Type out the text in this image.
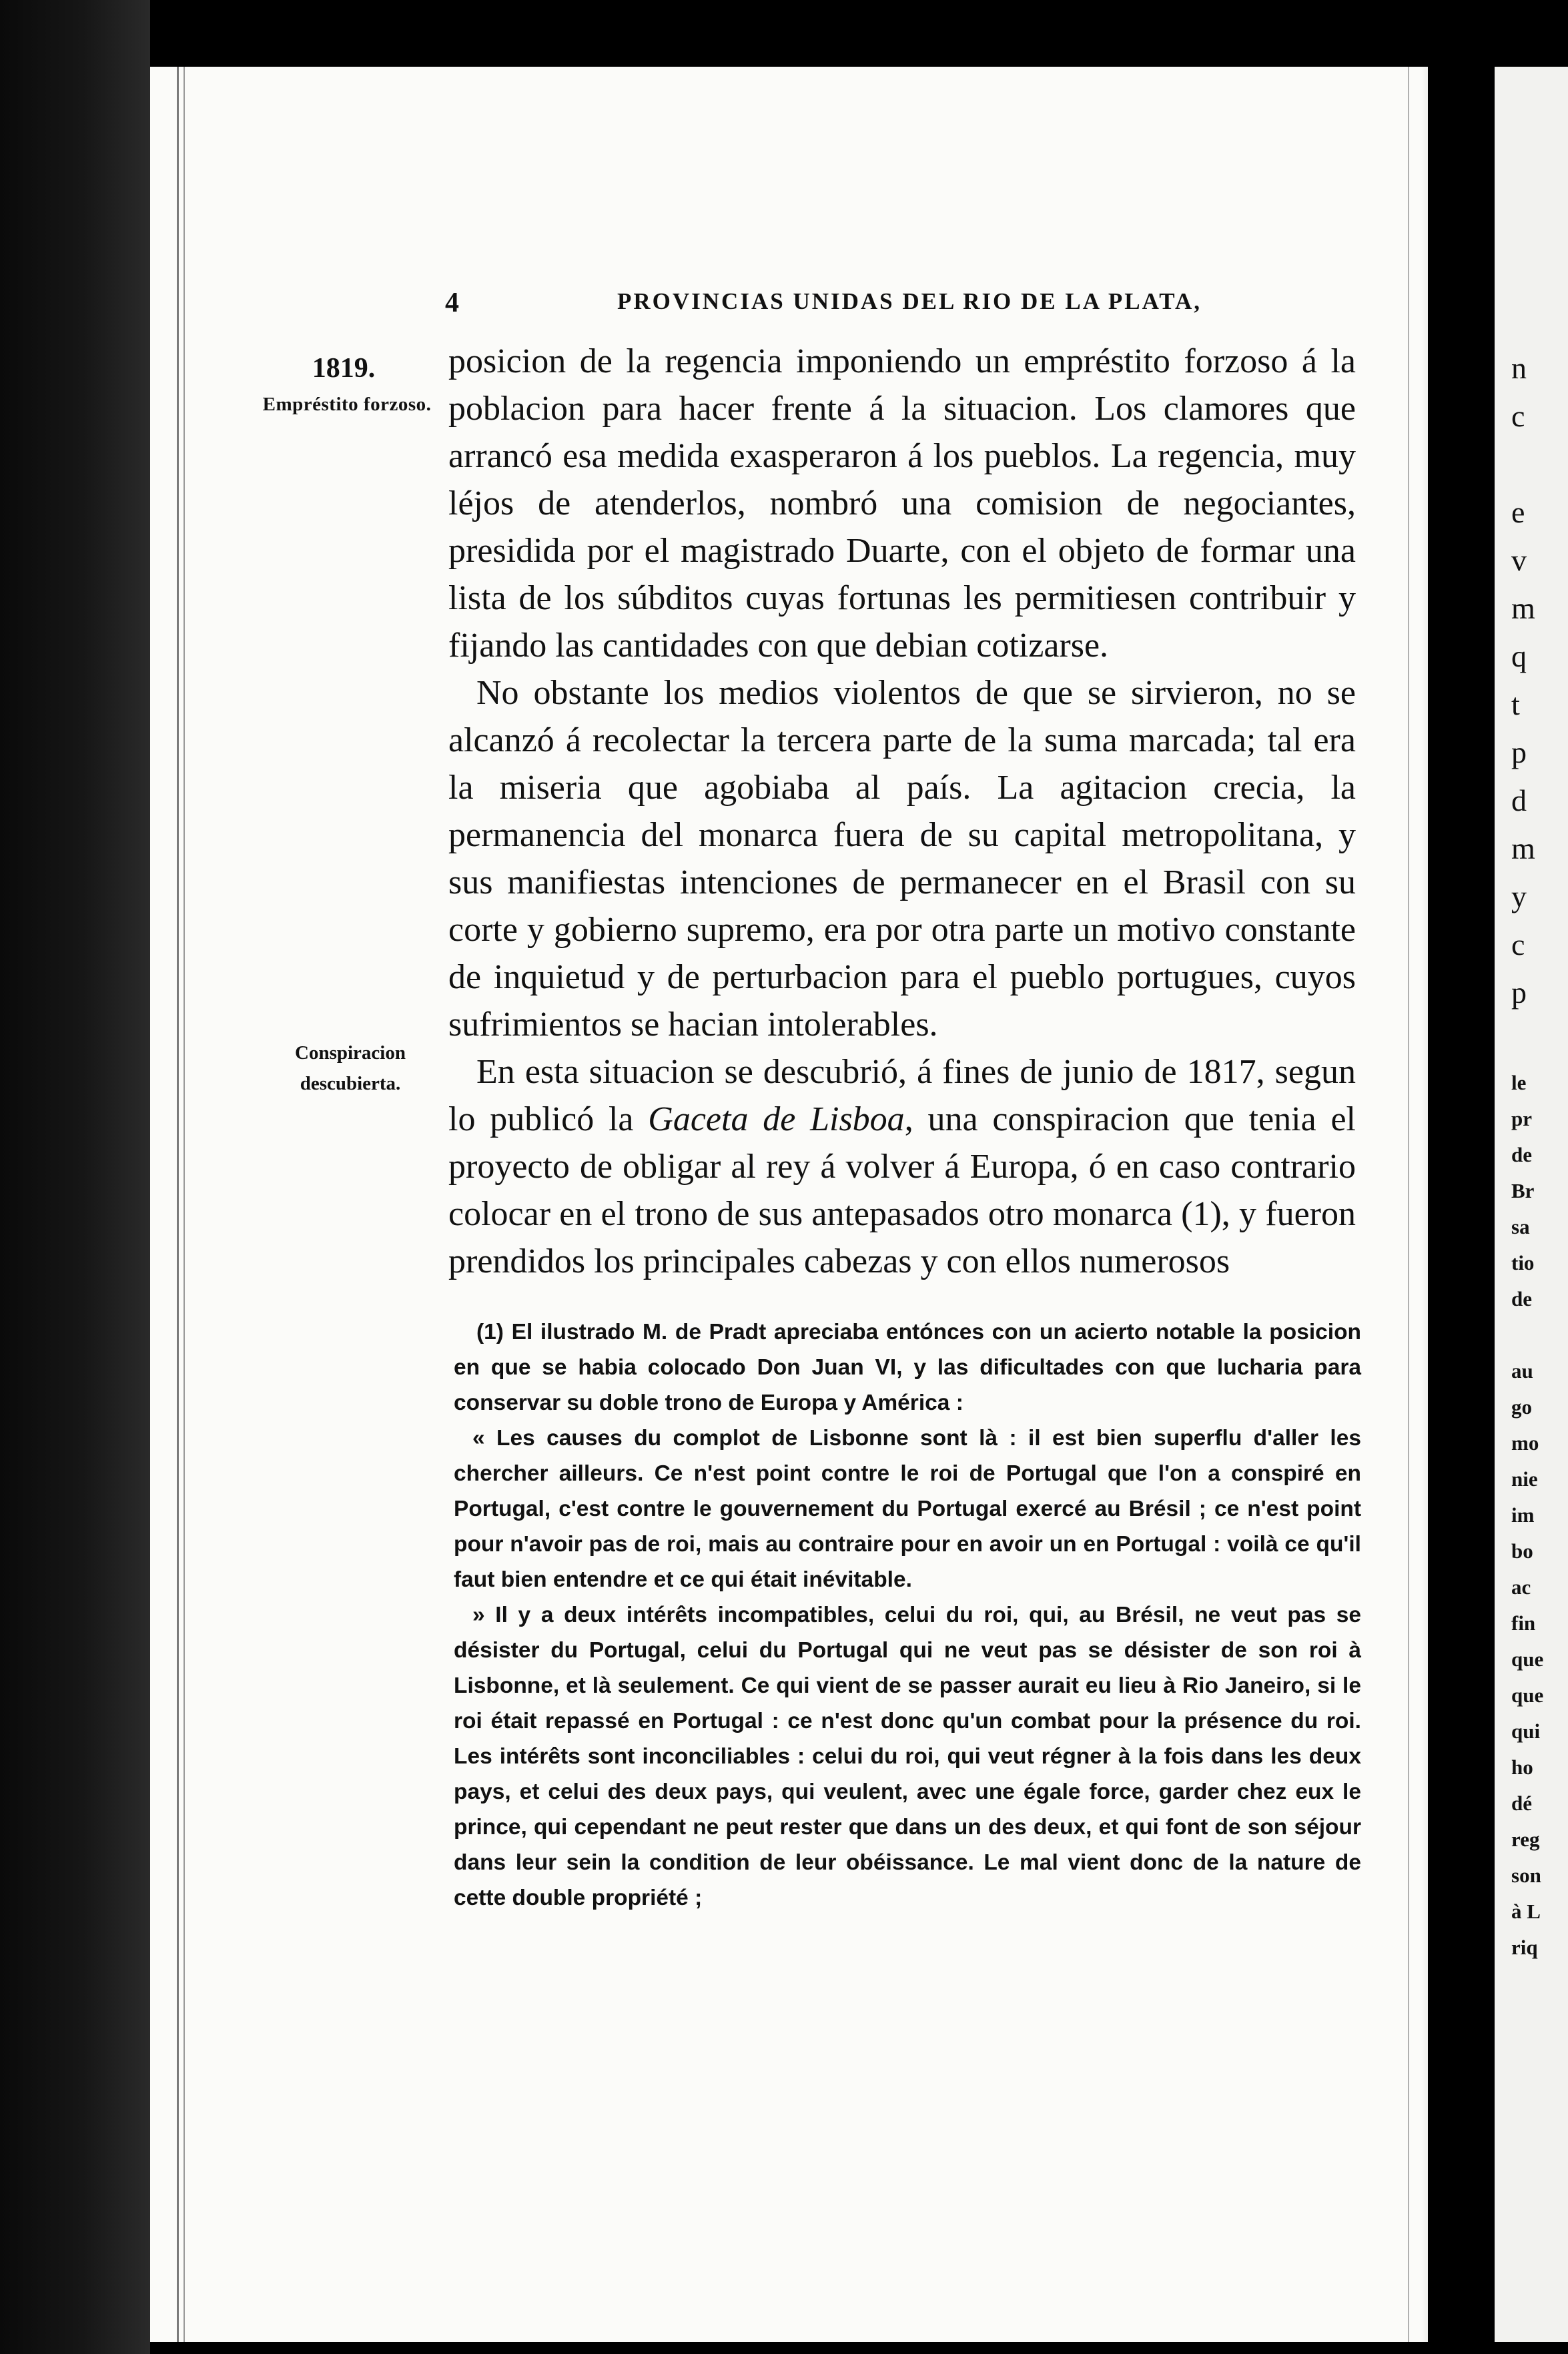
n
c
e
v
m
q
t
p
d
m
y
c
p
le
pr
de
Br
sa
tio
de
au
go
mo
nie
im
bo
ac
fin
que
que
qui
ho
dé
reg
son
à L
riq
4	PROVINCIAS UNIDAS DEL RIO DE LA PLATA,
1819.
Empréstito forzoso.
Conspiracion
descubierta.

posicion de la regencia imponiendo un empréstito forzoso á la poblacion para hacer frente á la situacion. Los clamores que arrancó esa medida exasperaron á los pueblos. La regencia, muy léjos de atenderlos, nombró una comision de negociantes, presidida por el magistrado Duarte, con el objeto de formar una lista de los súbditos cuyas fortunas les permitiesen contribuir y fijando las cantidades con que debian cotizarse.

No obstante los medios violentos de que se sirvieron, no se alcanzó á recolectar la tercera parte de la suma marcada; tal era la miseria que agobiaba al país. La agitacion crecia, la permanencia del monarca fuera de su capital metropolitana, y sus manifiestas intenciones de permanecer en el Brasil con su corte y gobierno supremo, era por otra parte un motivo constante de inquietud y de perturbacion para el pueblo portugues, cuyos sufrimientos se hacian intolerables.

En esta situacion se descubrió, á fines de junio de 1817, segun lo publicó la Gaceta de Lisboa, una conspiracion que tenia el proyecto de obligar al rey á volver á Europa, ó en caso contrario colocar en el trono de sus antepasados otro monarca (1), y fueron prendidos los principales cabezas y con ellos numerosos

(1) El ilustrado M. de Pradt apreciaba entónces con un acierto notable la posicion en que se habia colocado Don Juan VI, y las dificultades con que lucharia para conservar su doble trono de Europa y América :

« Les causes du complot de Lisbonne sont là : il est bien superflu d'aller les chercher ailleurs. Ce n'est point contre le roi de Portugal que l'on a conspiré en Portugal, c'est contre le gouvernement du Portugal exercé au Brésil ; ce n'est point pour n'avoir pas de roi, mais au contraire pour en avoir un en Portugal : voilà ce qu'il faut bien entendre et ce qui était inévitable.

» Il y a deux intérêts incompatibles, celui du roi, qui, au Brésil, ne veut pas se désister du Portugal, celui du Portugal qui ne veut pas se désister de son roi à Lisbonne, et là seulement. Ce qui vient de se passer aurait eu lieu à Rio Janeiro, si le roi était repassé en Portugal : ce n'est donc qu'un combat pour la présence du roi. Les intérêts sont inconciliables : celui du roi, qui veut régner à la fois dans les deux pays, et celui des deux pays, qui veulent, avec une égale force, garder chez eux le prince, qui cependant ne peut rester que dans un des deux, et qui font de son séjour dans leur sein la condition de leur obéissance. Le mal vient donc de la nature de cette double propriété ;
